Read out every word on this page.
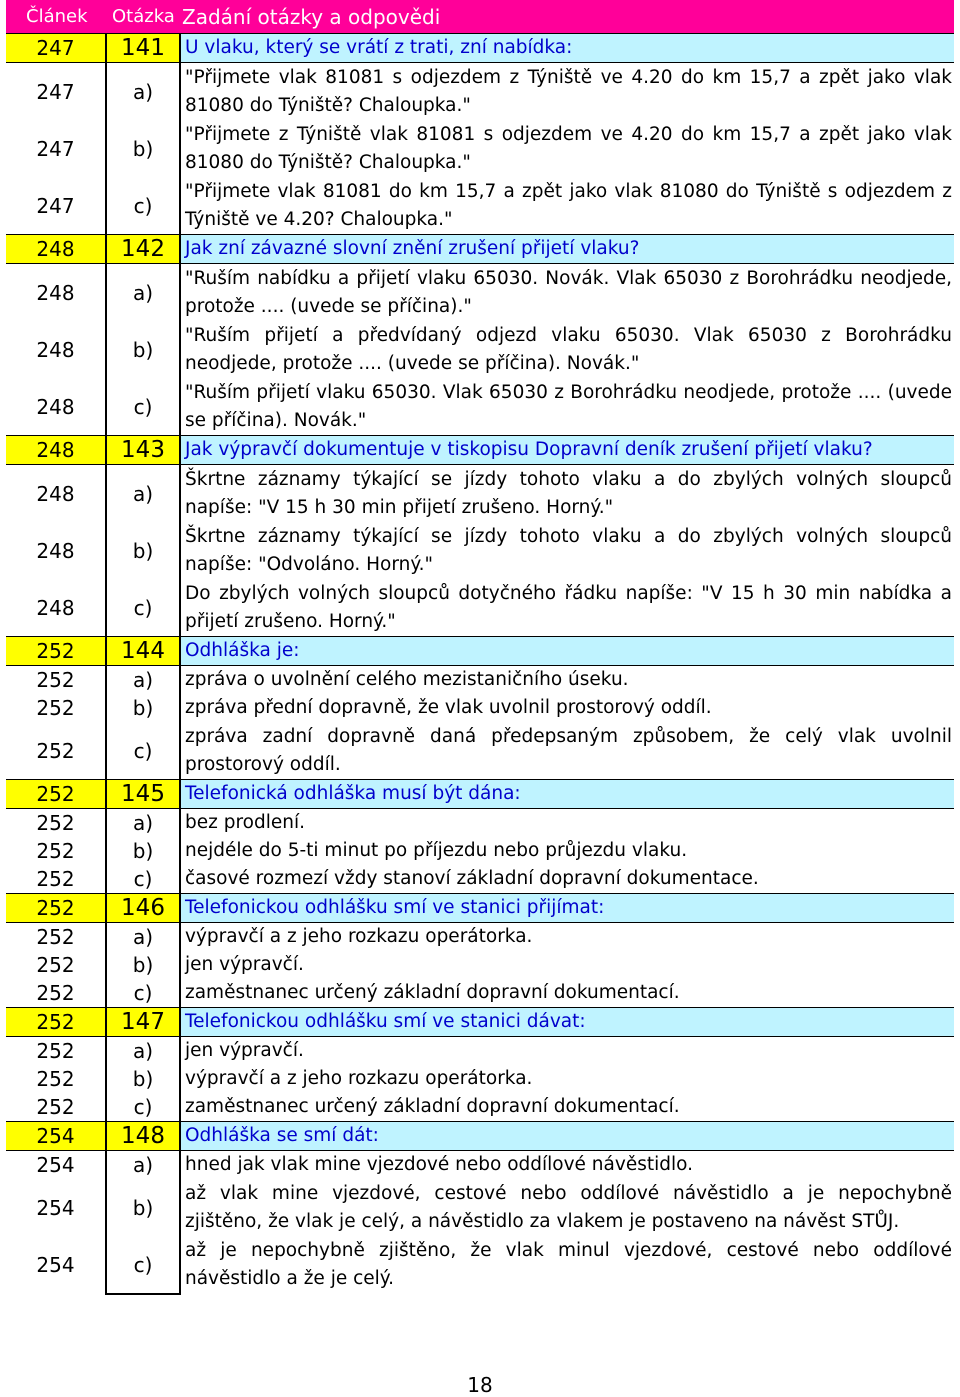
Článek	Otázka	Zadání otázky a odpovědi
247	141	U vlaku, který se vrátí z trati, zní nabídka:
247	a)	"Přijmete vlak 81081 s odjezdem z Týniště ve 4.20 do km 15,7 a zpět jako vlak 81080 do Týniště? Chaloupka."
247	b)	"Přijmete z Týniště vlak 81081 s odjezdem ve 4.20 do km 15,7 a zpět jako vlak 81080 do Týniště? Chaloupka."
247	c)	"Přijmete vlak 81081 do km 15,7 a zpět jako vlak 81080 do Týniště s odjezdem z Týniště ve 4.20? Chaloupka."
248	142	Jak zní závazné slovní znění zrušení přijetí vlaku?
248	a)	"Ruším nabídku a přijetí vlaku 65030. Novák. Vlak 65030 z Borohrádku neodjede, protože .... (uvede se příčina)."
248	b)	"Ruším přijetí a předvídaný odjezd vlaku 65030. Vlak 65030 z Borohrádku neodjede, protože .... (uvede se příčina). Novák."
248	c)	"Ruším přijetí vlaku 65030. Vlak 65030 z Borohrádku neodjede, protože .... (uvede se příčina). Novák."
248	143	Jak výpravčí dokumentuje v tiskopisu Dopravní deník zrušení přijetí vlaku?
248	a)	Škrtne záznamy týkající se jízdy tohoto vlaku a do zbylých volných sloupců napíše: "V 15 h 30 min přijetí zrušeno. Horný."
248	b)	Škrtne záznamy týkající se jízdy tohoto vlaku a do zbylých volných sloupců napíše: "Odvoláno. Horný."
248	c)	Do zbylých volných sloupců dotyčného řádku napíše: "V 15 h 30 min nabídka a přijetí zrušeno. Horný."
252	144	Odhláška je:
252	a)	zpráva o uvolnění celého mezistaničního úseku.
252	b)	zpráva přední dopravně, že vlak uvolnil prostorový oddíl.
252	c)	zpráva zadní dopravně daná předepsaným způsobem, že celý vlak uvolnil prostorový oddíl.
252	145	Telefonická odhláška musí být dána:
252	a)	bez prodlení.
252	b)	nejdéle do 5-ti minut po příjezdu nebo průjezdu vlaku.
252	c)	časové rozmezí vždy stanoví základní dopravní dokumentace.
252	146	Telefonickou odhlášku smí ve stanici přijímat:
252	a)	výpravčí a z jeho rozkazu operátorka.
252	b)	jen výpravčí.
252	c)	zaměstnanec určený základní dopravní dokumentací.
252	147	Telefonickou odhlášku smí ve stanici dávat:
252	a)	jen výpravčí.
252	b)	výpravčí a z jeho rozkazu operátorka.
252	c)	zaměstnanec určený základní dopravní dokumentací.
254	148	Odhláška se smí dát:
254	a)	hned jak vlak mine vjezdové nebo oddílové návěstidlo.
254	b)	až vlak mine vjezdové, cestové nebo oddílové návěstidlo a je nepochybně zjištěno, že vlak je celý, a návěstidlo za vlakem je postaveno na návěst STŮJ.
254	c)	až je nepochybně zjištěno, že vlak minul vjezdové, cestové nebo oddílové návěstidlo a že je celý.
18
